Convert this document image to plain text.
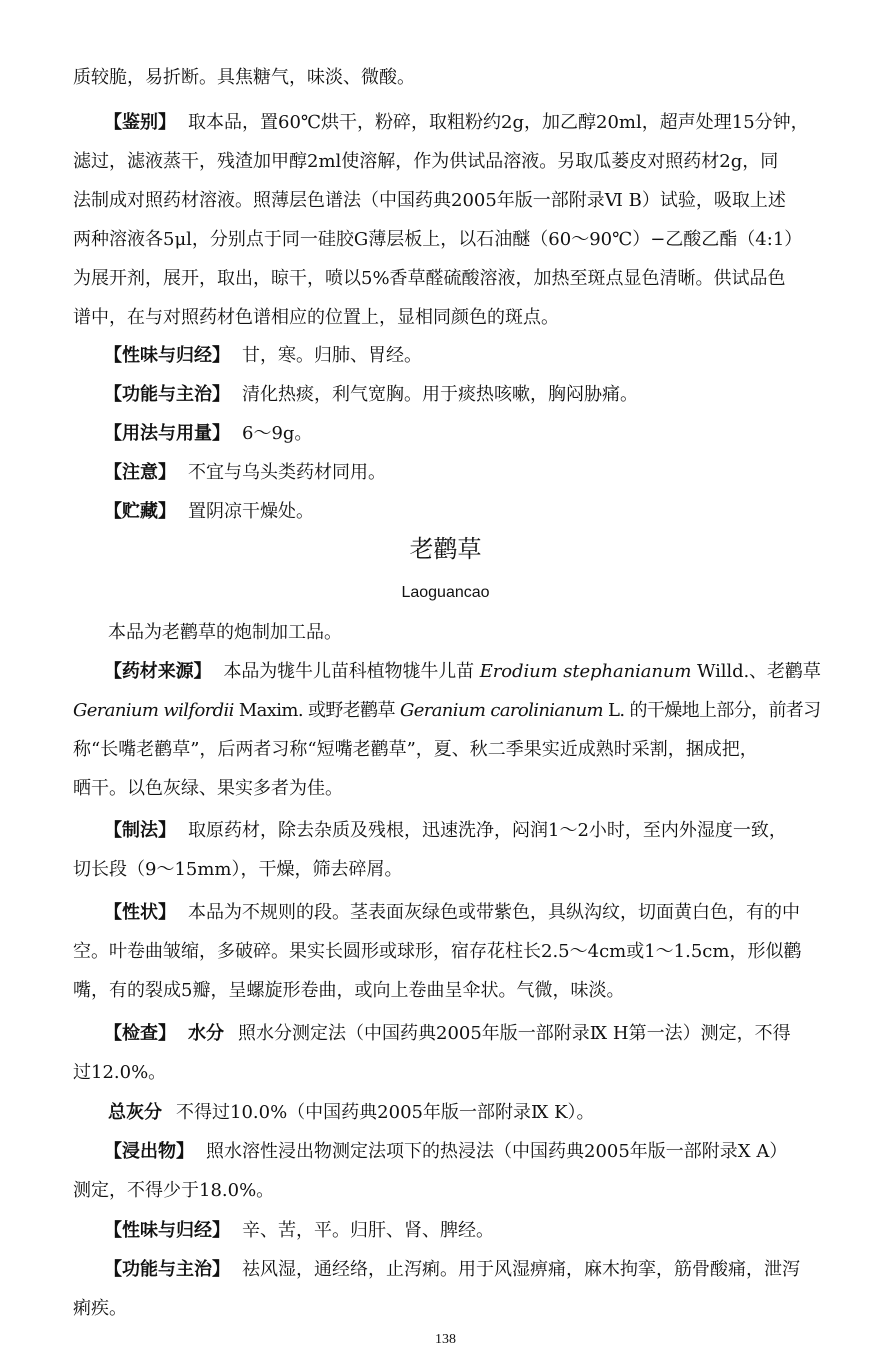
质较脆，易折断。具焦糖气，味淡、微酸。
【鉴别】 取本品，置60℃烘干，粉碎，取粗粉约2g，加乙醇20ml，超声处理15分钟，
滤过，滤液蒸干，残渣加甲醇2ml使溶解，作为供试品溶液。另取瓜蒌皮对照药材2g，同
法制成对照药材溶液。照薄层色谱法（中国药典2005年版一部附录Ⅵ B）试验，吸取上述
两种溶液各5μl，分别点于同一硅胶G薄层板上，以石油醚（60～90℃）−乙酸乙酯（4:1）
为展开剂，展开，取出，晾干，喷以5%香草醛硫酸溶液，加热至斑点显色清晰。供试品色
谱中，在与对照药材色谱相应的位置上，显相同颜色的斑点。
【性味与归经】 甘，寒。归肺、胃经。
【功能与主治】 清化热痰，利气宽胸。用于痰热咳嗽，胸闷胁痛。
【用法与用量】 6～9g。
【注意】 不宜与乌头类药材同用。
【贮藏】 置阴凉干燥处。
老鹳草
Laoguancao
本品为老鹳草的炮制加工品。
【药材来源】 本品为牻牛儿苗科植物牻牛儿苗 Erodium stephanianum Willd.、老鹳草
Geranium wilfordii Maxim. 或野老鹳草 Geranium carolinianum L. 的干燥地上部分，前者习
称“长嘴老鹳草”，后两者习称“短嘴老鹳草”，夏、秋二季果实近成熟时采割，捆成把，
晒干。以色灰绿、果实多者为佳。
【制法】 取原药材，除去杂质及残根，迅速洗净，闷润1～2小时，至内外湿度一致，
切长段（9～15mm），干燥，筛去碎屑。
【性状】 本品为不规则的段。茎表面灰绿色或带紫色，具纵沟纹，切面黄白色，有的中
空。叶卷曲皱缩，多破碎。果实长圆形或球形，宿存花柱长2.5～4cm或1～1.5cm，形似鹳
嘴，有的裂成5瓣，呈螺旋形卷曲，或向上卷曲呈伞状。气微，味淡。
【检查】 水分 照水分测定法（中国药典2005年版一部附录Ⅸ H第一法）测定，不得
过12.0%。
总灰分 不得过10.0%（中国药典2005年版一部附录Ⅸ K）。
【浸出物】 照水溶性浸出物测定法项下的热浸法（中国药典2005年版一部附录Ⅹ A）
测定，不得少于18.0%。
【性味与归经】 辛、苦，平。归肝、肾、脾经。
【功能与主治】 祛风湿，通经络，止泻痢。用于风湿痹痛，麻木拘挛，筋骨酸痛，泄泻
痢疾。
138
